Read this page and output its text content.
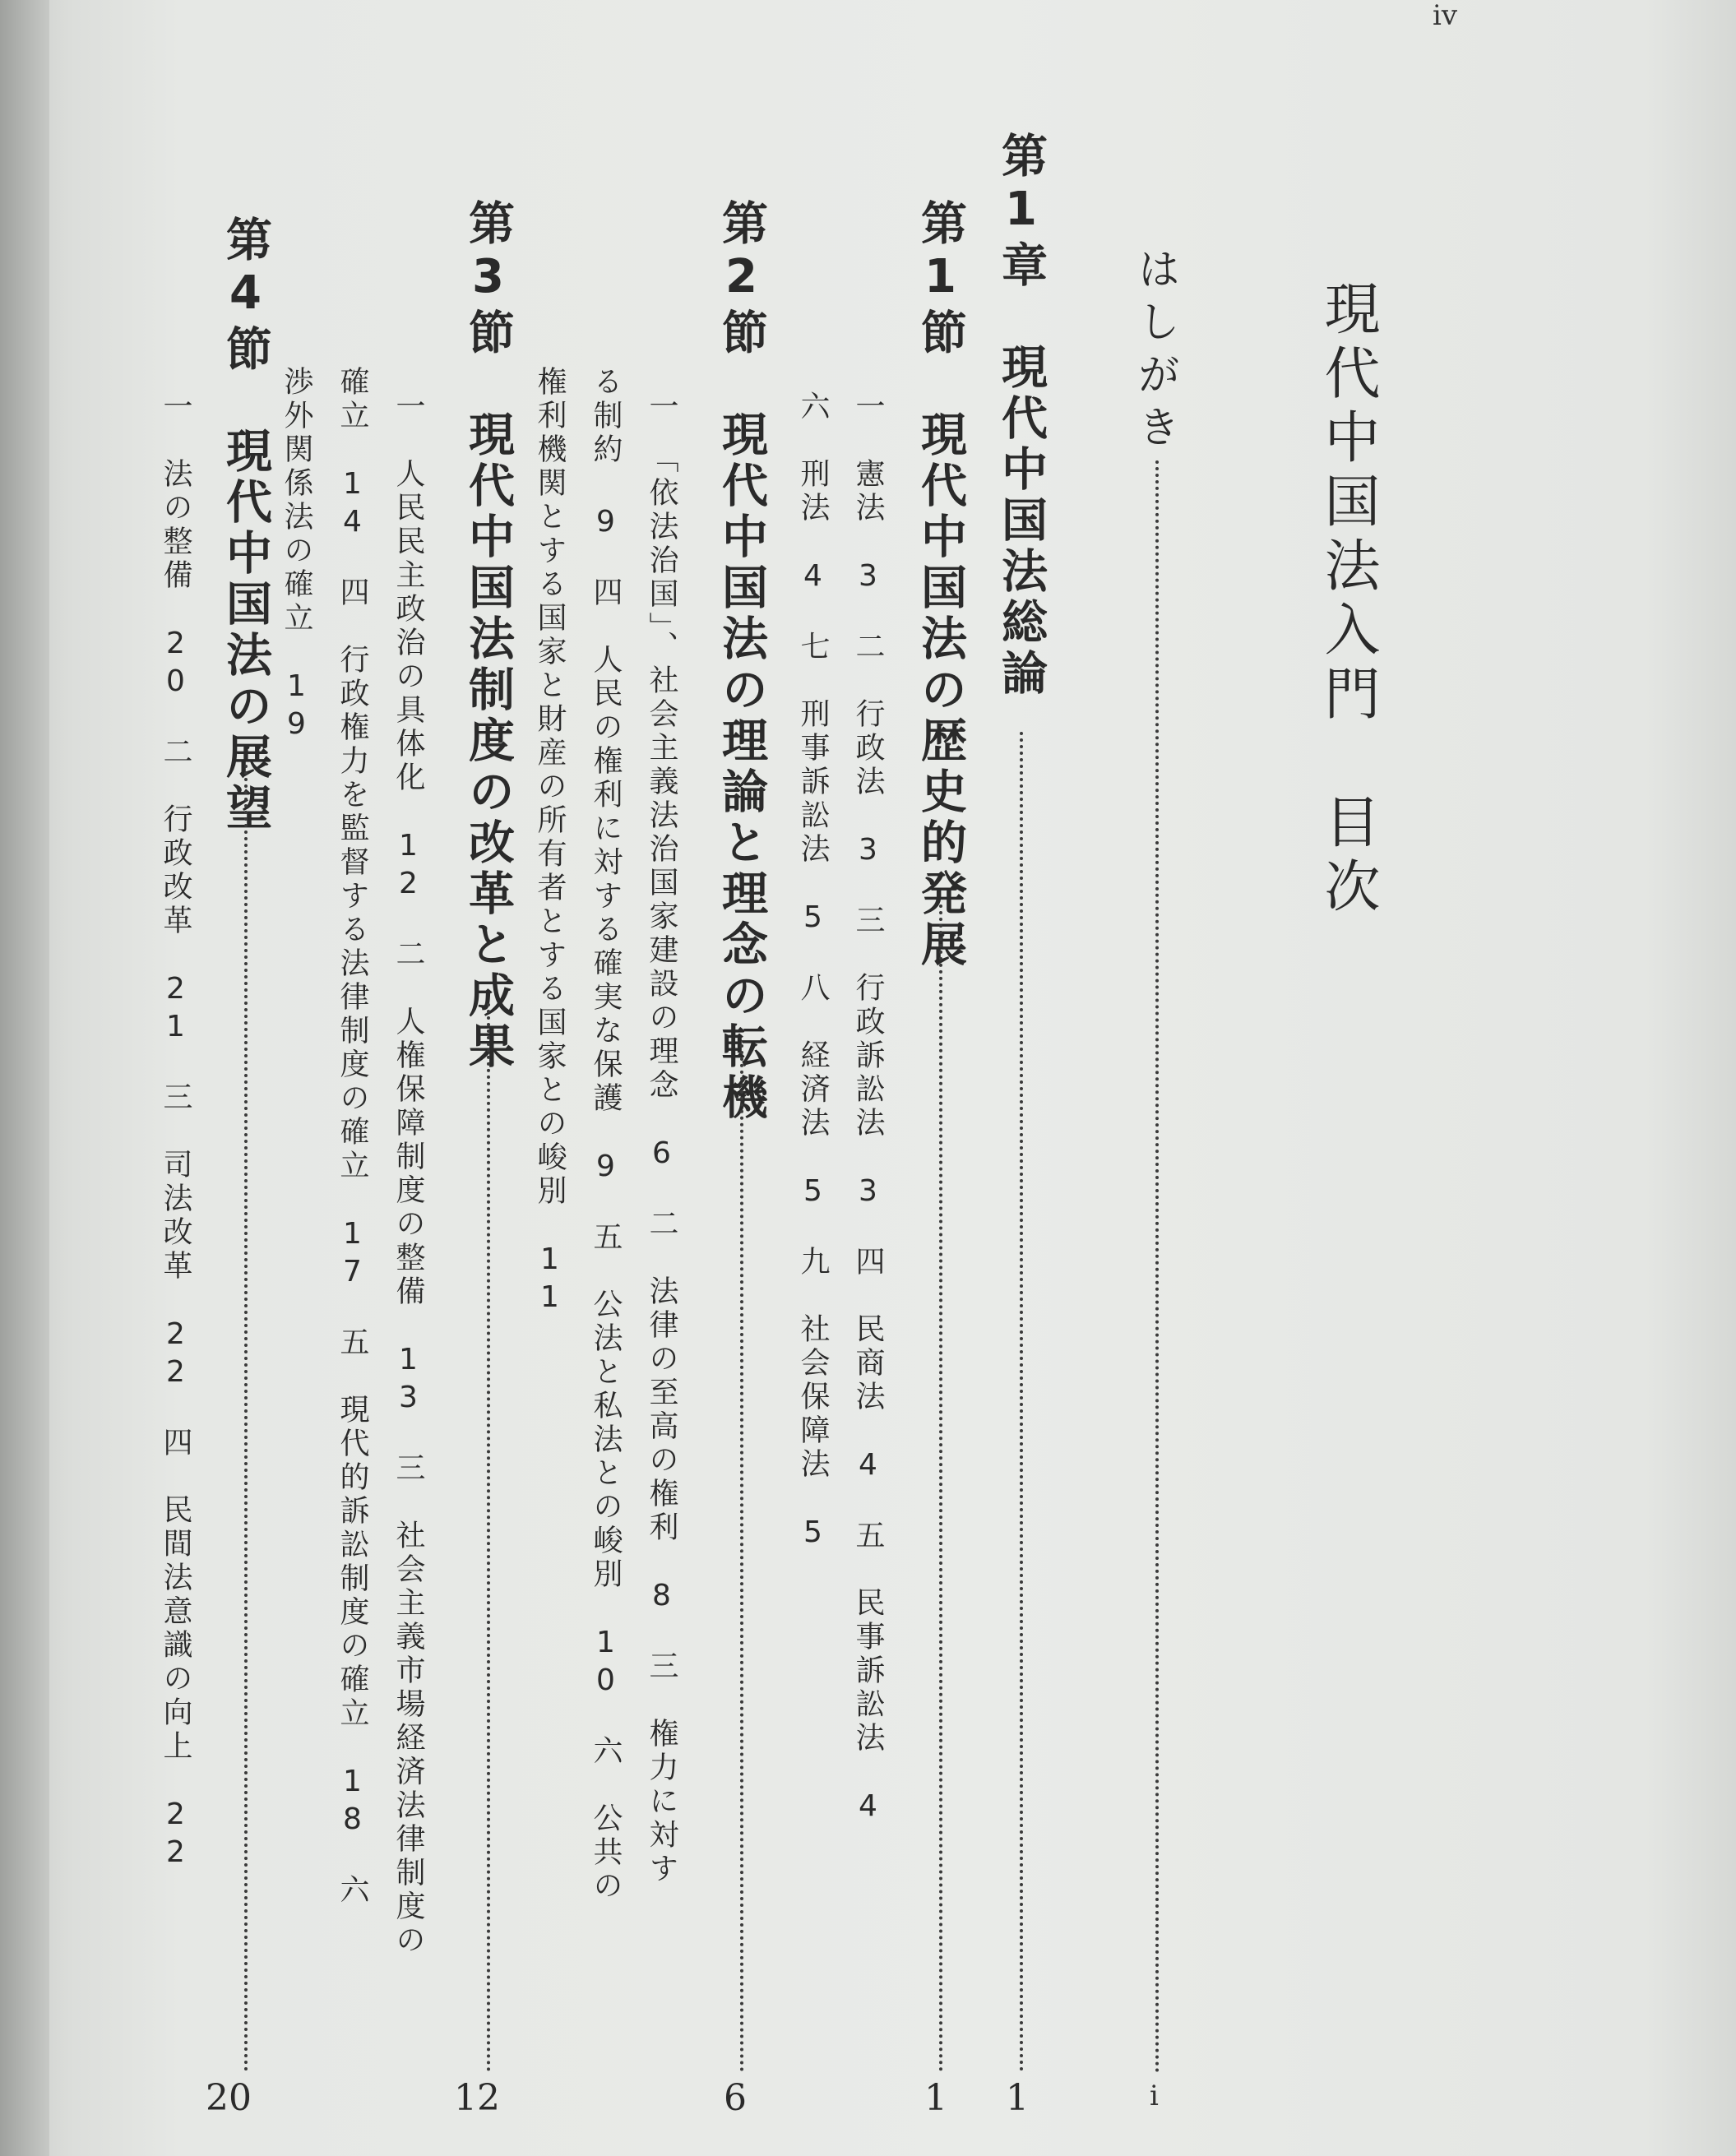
iv
現代中国法入門　目次
はしがき
i
第1章　現代中国法総論
1
第1節　現代中国法の歴史的発展
1
一　憲法　3　二　行政法　3　三　行政訴訟法　3　四　民商法　4　五　民事訴訟法　4
六　刑法　4　七　刑事訴訟法　5　八　経済法　5　九　社会保障法　5
第2節　現代中国法の理論と理念の転機
6
一　「依法治国」、社会主義法治国家建設の理念　6　二　法律の至高の権利　8　三　権力に対す
る制約 9　四　人民の権利に対する確実な保護　9　五　公法と私法との峻別　10　六　公共の
権利機関とする国家と財産の所有者とする国家との峻別　11
第3節　現代中国法制度の改革と成果
12
一　人民民主政治の具体化　12　二　人権保障制度の整備　13　三　社会主義市場経済法律制度の
確立　14　四　行政権力を監督する法律制度の確立　17　五　現代的訴訟制度の確立　18　六
渉外関係法の確立　19
第4節　現代中国法の展望
20
一　法の整備　20　二　行政改革　21　三　司法改革　22　四　民間法意識の向上　22
